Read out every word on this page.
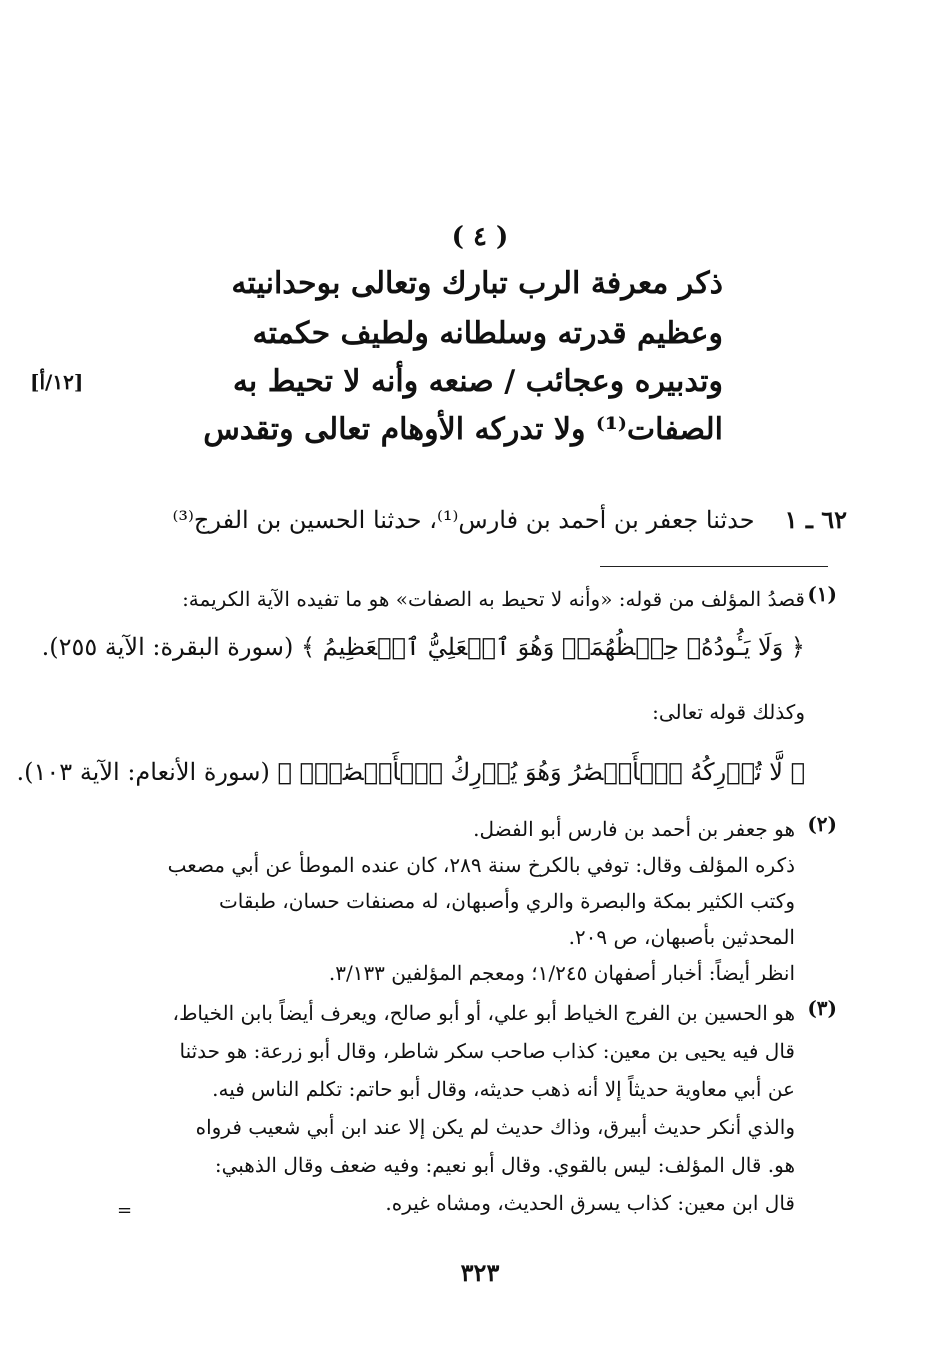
( ٤ )
ذكر معرفة الرب تبارك وتعالى بوحدانيته
وعظيم قدرته وسلطانه ولطيف حكمته
وتدبيره وعجائب / صنعه وأنه لا تحيط به
الصفات⁽¹⁾ ولا تدركه الأوهام تعالى وتقدس
[١٢/أ]
٦٢ ـ ١حدثنا جعفر بن أحمد بن فارس⁽¹⁾، حدثنا الحسين بن الفرج⁽³⁾
(١)
قصدُ المؤلف من قوله: «وأنه لا تحيط به الصفات» هو ما تفيده الآية الكريمة:
﴿ وَلَا يَـُٔودُهُۥ حِفۡظُهُمَاۚ وَهُوَ ٱلۡعَلِيُّ ٱلۡعَظِيمُ ﴾ (سورة البقرة: الآية ٢٥٥).
وكذلك قوله تعالى:
﴿ لَّا تُدۡرِكُهُ ٱلۡأَبۡصَٰرُ وَهُوَ يُدۡرِكُ ٱلۡأَبۡصَٰرَۖ ﴾ (سورة الأنعام: الآية ١٠٣).
(٢)
هو جعفر بن أحمد بن فارس أبو الفضل.
ذكره المؤلف وقال: توفي بالكرخ سنة ٢٨٩، كان عنده الموطأ عن أبي مصعب
وكتب الكثير بمكة والبصرة والري وأصبهان، له مصنفات حسان، طبقات
المحدثين بأصبهان، ص ٢٠٩.
انظر أيضاً: أخبار أصفهان ١/٢٤٥؛ ومعجم المؤلفين ٣/١٣٣.
(٣)
هو الحسين بن الفرج الخياط أبو علي، أو أبو صالح، ويعرف أيضاً بابن الخياط،
قال فيه يحيى بن معين: كذاب صاحب سكر شاطر، وقال أبو زرعة: هو حدثنا
عن أبي معاوية حديثاً إلا أنه ذهب حديثه، وقال أبو حاتم: تكلم الناس فيه.
والذي أنكر حديث أبيرق، وذاك حديث لم يكن إلا عند ابن أبي شعيب فرواه
هو. قال المؤلف: ليس بالقوي. وقال أبو نعيم: وفيه ضعف وقال الذهبي:
قال ابن معين: كذاب يسرق الحديث، ومشاه غيره.
=
٣٢٣
